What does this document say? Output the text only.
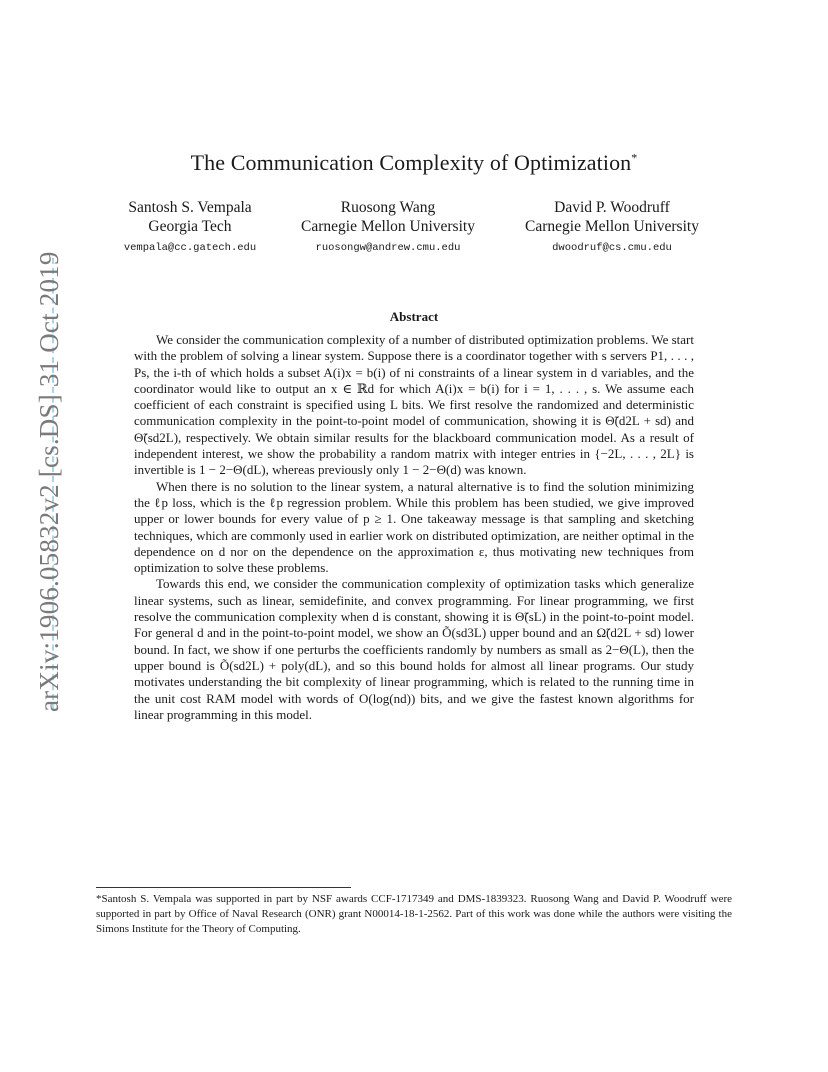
arXiv:1906.05832v2 [cs.DS] 31 Oct 2019
The Communication Complexity of Optimization*
Santosh S. Vempala
Georgia Tech
vempala@cc.gatech.edu
Ruosong Wang
Carnegie Mellon University
ruosongw@andrew.cmu.edu
David P. Woodruff
Carnegie Mellon University
dwoodruf@cs.cmu.edu
Abstract

We consider the communication complexity of a number of distributed optimization problems. We start with the problem of solving a linear system. Suppose there is a coordinator together with s servers P1, . . . , Ps, the i-th of which holds a subset A(i)x = b(i) of ni constraints of a linear system in d variables, and the coordinator would like to output an x ∈ ℝd for which A(i)x = b(i) for i = 1, . . . , s. We assume each coefficient of each constraint is specified using L bits. We first resolve the randomized and deterministic communication complexity in the point-to-point model of communication, showing it is Θ̃(d2L + sd) and Θ̃(sd2L), respectively. We obtain similar results for the blackboard communication model. As a result of independent interest, we show the probability a random matrix with integer entries in {−2L, . . . , 2L} is invertible is 1 − 2−Θ(dL), whereas previously only 1 − 2−Θ(d) was known.

When there is no solution to the linear system, a natural alternative is to find the solution minimizing the ℓp loss, which is the ℓp regression problem. While this problem has been studied, we give improved upper or lower bounds for every value of p ≥ 1. One takeaway message is that sampling and sketching techniques, which are commonly used in earlier work on distributed optimization, are neither optimal in the dependence on d nor on the dependence on the approximation ε, thus motivating new techniques from optimization to solve these problems.

Towards this end, we consider the communication complexity of optimization tasks which generalize linear systems, such as linear, semidefinite, and convex programming. For linear programming, we first resolve the communication complexity when d is constant, showing it is Θ̃(sL) in the point-to-point model. For general d and in the point-to-point model, we show an Õ(sd3L) upper bound and an Ω̃(d2L + sd) lower bound. In fact, we show if one perturbs the coefficients randomly by numbers as small as 2−Θ(L), then the upper bound is Õ(sd2L) + poly(dL), and so this bound holds for almost all linear programs. Our study motivates understanding the bit complexity of linear programming, which is related to the running time in the unit cost RAM model with words of O(log(nd)) bits, and we give the fastest known algorithms for linear programming in this model.

*Santosh S. Vempala was supported in part by NSF awards CCF-1717349 and DMS-1839323. Ruosong Wang and David P. Woodruff were supported in part by Office of Naval Research (ONR) grant N00014-18-1-2562. Part of this work was done while the authors were visiting the Simons Institute for the Theory of Computing.
